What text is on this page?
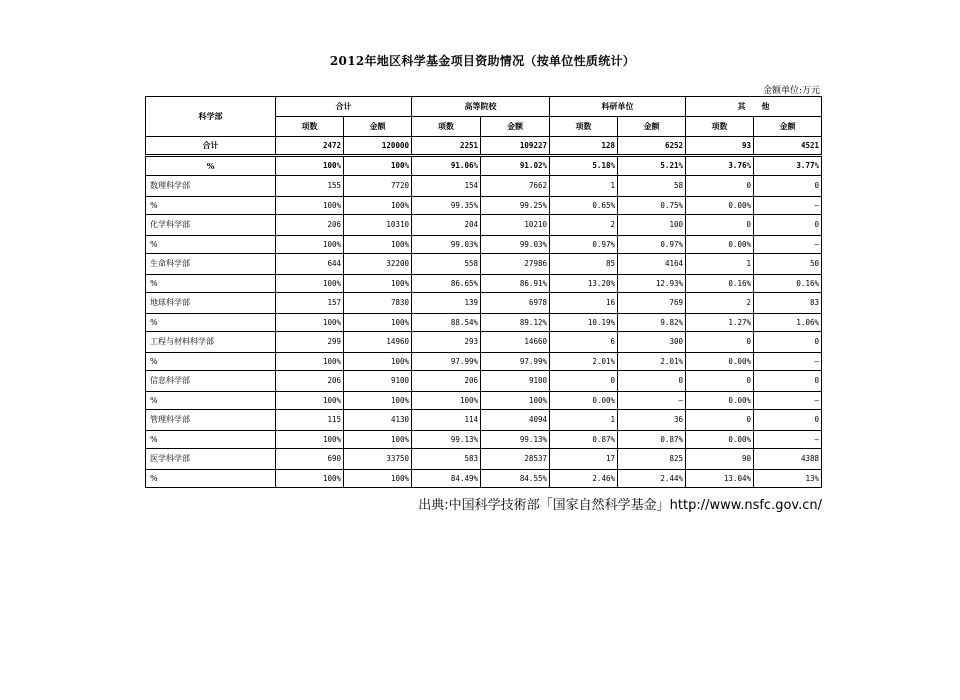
2012年地区科学基金项目资助情况（按单位性质统计）
金额单位:万元
科学部	合计		高等院校		科研单位		其　　他	
	项数	金额	项数	金额	项数	金额	项数	金额
合计	2472	120000	2251	109227	128	6252	93	4521
%	100%	100%	91.06%	91.02%	5.18%	5.21%	3.76%	3.77%
数理科学部	155	7720	154	7662	1	58	0	0
%	100%	100%	99.35%	99.25%	0.65%	0.75%	0.00%	–
化学科学部	206	10310	204	10210	2	100	0	0
%	100%	100%	99.03%	99.03%	0.97%	0.97%	0.00%	–
生命科学部	644	32200	558	27986	85	4164	1	50
%	100%	100%	86.65%	86.91%	13.20%	12.93%	0.16%	0.16%
地球科学部	157	7830	139	6978	16	769	2	83
%	100%	100%	88.54%	89.12%	10.19%	9.82%	1.27%	1.06%
工程与材料科学部	299	14960	293	14660	6	300	0	0
%	100%	100%	97.99%	97.99%	2.01%	2.01%	0.00%	–
信息科学部	206	9100	206	9100	0	0	0	0
%	100%	100%	100%	100%	0.00%	–	0.00%	–
管理科学部	115	4130	114	4094	1	36	0	0
%	100%	100%	99.13%	99.13%	0.87%	0.87%	0.00%	–
医学科学部	690	33750	583	28537	17	825	90	4388
%	100%	100%	84.49%	84.55%	2.46%	2.44%	13.04%	13%
出典:中国科学技術部「国家自然科学基金」http://www.nsfc.gov.cn/
